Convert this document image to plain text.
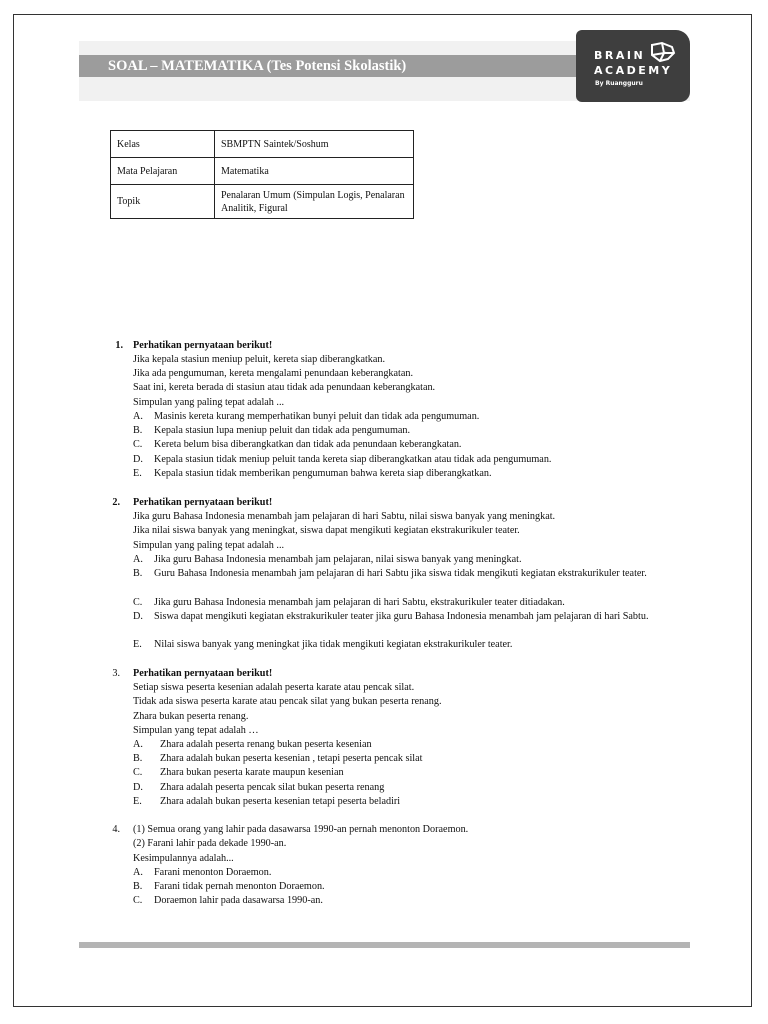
SOAL – MATEMATIKA (Tes Potensi Skolastik)
BRAIN
ACADEMY
By Ruangguru
Kelas	SBMPTN Saintek/Soshum
Mata Pelajaran	Matematika
Topik	Penalaran Umum (Simpulan Logis, Penalaran Analitik, Figural
1. Perhatikan pernyataan berikut!
Jika kepala stasiun meniup peluit, kereta siap diberangkatkan.
Jika ada pengumuman, kereta mengalami penundaan keberangkatan.
Saat ini, kereta berada di stasiun atau tidak ada penundaan keberangkatan.
Simpulan yang paling tepat adalah ...
A. Masinis kereta kurang memperhatikan bunyi peluit dan tidak ada pengumuman.
B. Kepala stasiun lupa meniup peluit dan tidak ada pengumuman.
C. Kereta belum bisa diberangkatkan dan tidak ada penundaan keberangkatan.
D. Kepala stasiun tidak meniup peluit tanda kereta siap diberangkatkan atau tidak ada pengumuman.
E. Kepala stasiun tidak memberikan pengumuman bahwa kereta siap diberangkatkan.
2. Perhatikan pernyataan berikut!
Jika guru Bahasa Indonesia menambah jam pelajaran di hari Sabtu, nilai siswa banyak yang meningkat.
Jika nilai siswa banyak yang meningkat, siswa dapat mengikuti kegiatan ekstrakurikuler teater.
Simpulan yang paling tepat adalah ...
A. Jika guru Bahasa Indonesia menambah jam pelajaran, nilai siswa banyak yang meningkat.
B. Guru Bahasa Indonesia menambah jam pelajaran di hari Sabtu jika siswa tidak mengikuti kegiatan ekstrakurikuler teater.
C. Jika guru Bahasa Indonesia menambah jam pelajaran di hari Sabtu, ekstrakurikuler teater ditiadakan.
D. Siswa dapat mengikuti kegiatan ekstrakurikuler teater jika guru Bahasa Indonesia menambah jam pelajaran di hari Sabtu.
E. Nilai siswa banyak yang meningkat jika tidak mengikuti kegiatan ekstrakurikuler teater.
3. Perhatikan pernyataan berikut!
Setiap siswa peserta kesenian adalah peserta karate atau pencak silat.
Tidak ada siswa peserta karate atau pencak silat yang bukan peserta renang.
Zhara bukan peserta renang.
Simpulan yang tepat adalah …
A. Zhara adalah peserta renang bukan peserta kesenian
B. Zhara adalah bukan peserta kesenian , tetapi peserta pencak silat
C. Zhara bukan peserta karate maupun kesenian
D. Zhara adalah peserta pencak silat bukan peserta renang
E. Zhara adalah bukan peserta kesenian tetapi peserta beladiri
4. (1) Semua orang yang lahir pada dasawarsa 1990-an pernah menonton Doraemon.
(2) Farani lahir pada dekade 1990-an.
Kesimpulannya adalah...
A. Farani menonton Doraemon.
B. Farani tidak pernah menonton Doraemon.
C. Doraemon lahir pada dasawarsa 1990-an.
